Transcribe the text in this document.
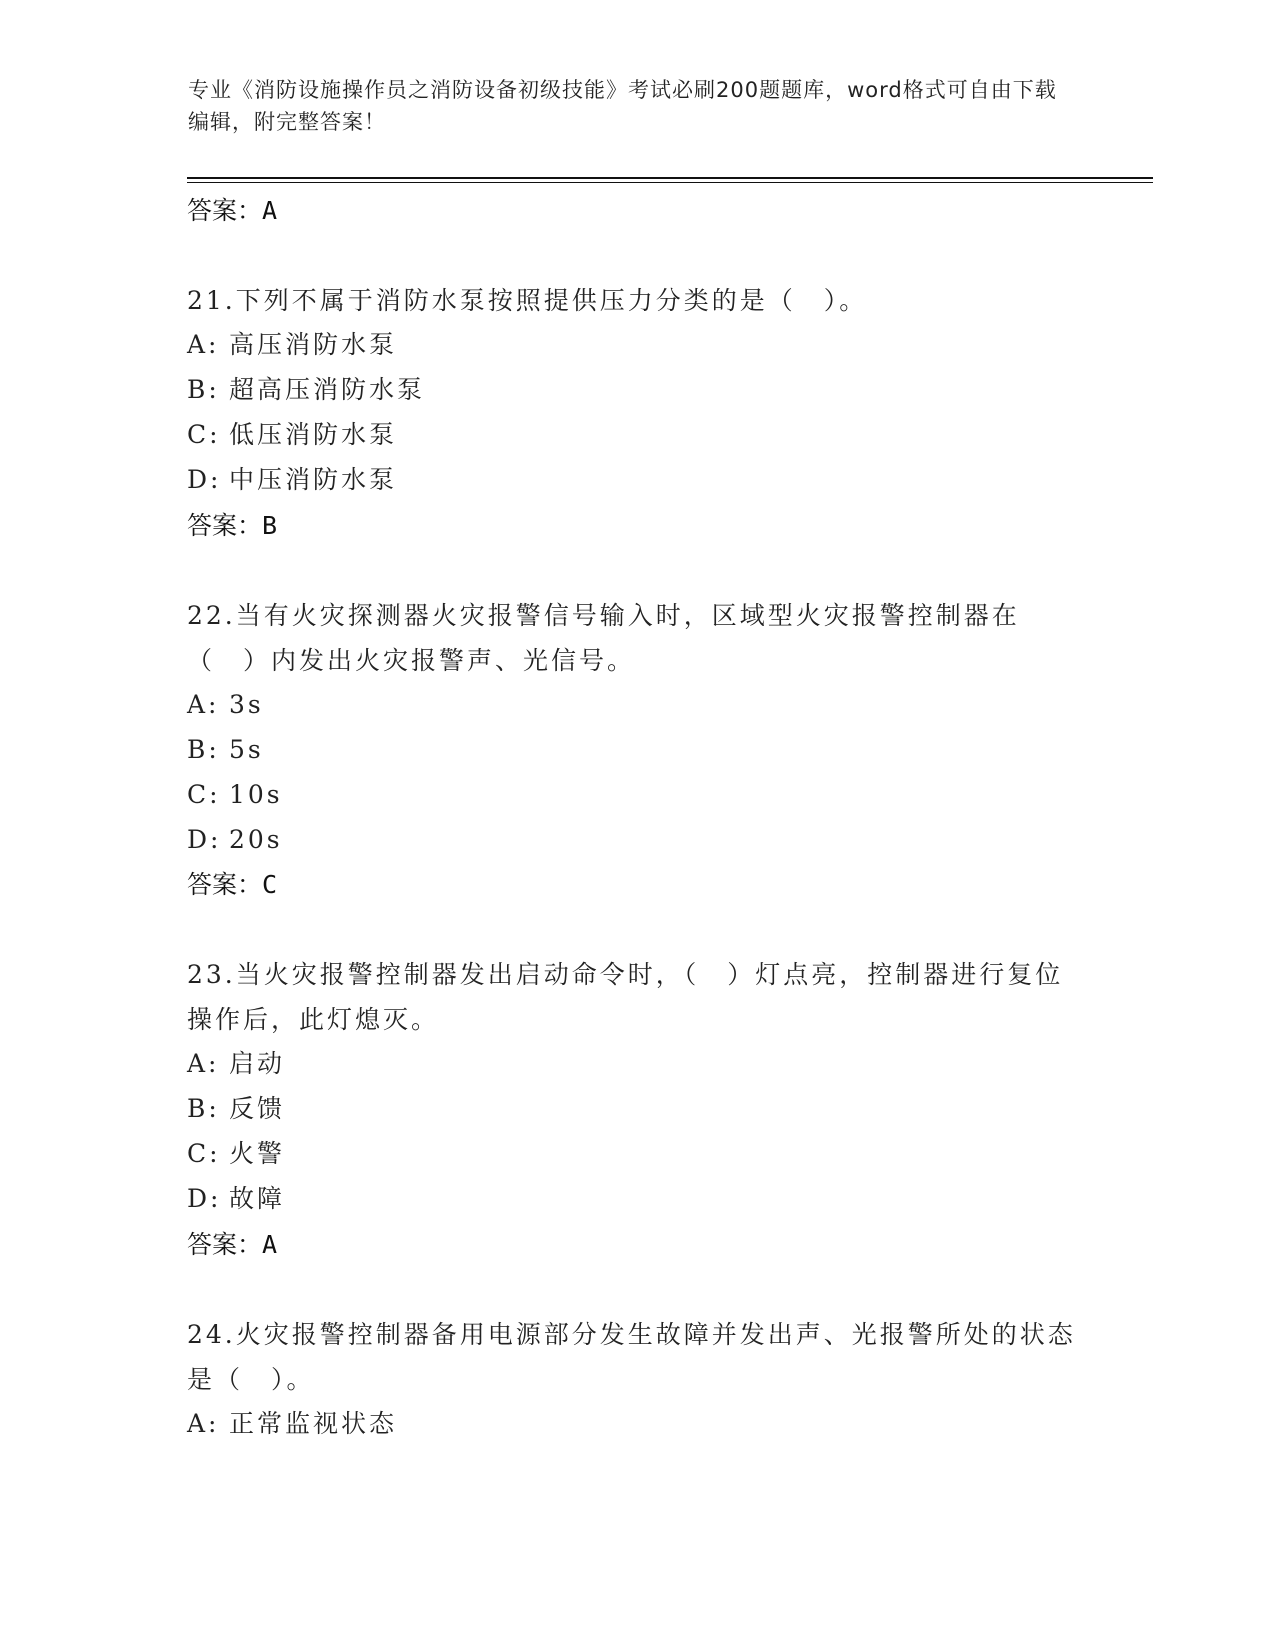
专业《消防设施操作员之消防设备初级技能》考试必刷200题题库，word格式可自由下载编辑，附完整答案！
答案：A
21.下列不属于消防水泵按照提供压力分类的是（　）。
A: 高压消防水泵
B: 超高压消防水泵
C: 低压消防水泵
D: 中压消防水泵
答案：B
22.当有火灾探测器火灾报警信号输入时，区域型火灾报警控制器在（　）内发出火灾报警声、光信号。
A: 3s
B: 5s
C: 10s
D: 20s
答案：C
23.当火灾报警控制器发出启动命令时，（　）灯点亮，控制器进行复位操作后，此灯熄灭。
A: 启动
B: 反馈
C: 火警
D: 故障
答案：A
24.火灾报警控制器备用电源部分发生故障并发出声、光报警所处的状态是（　）。
A: 正常监视状态
